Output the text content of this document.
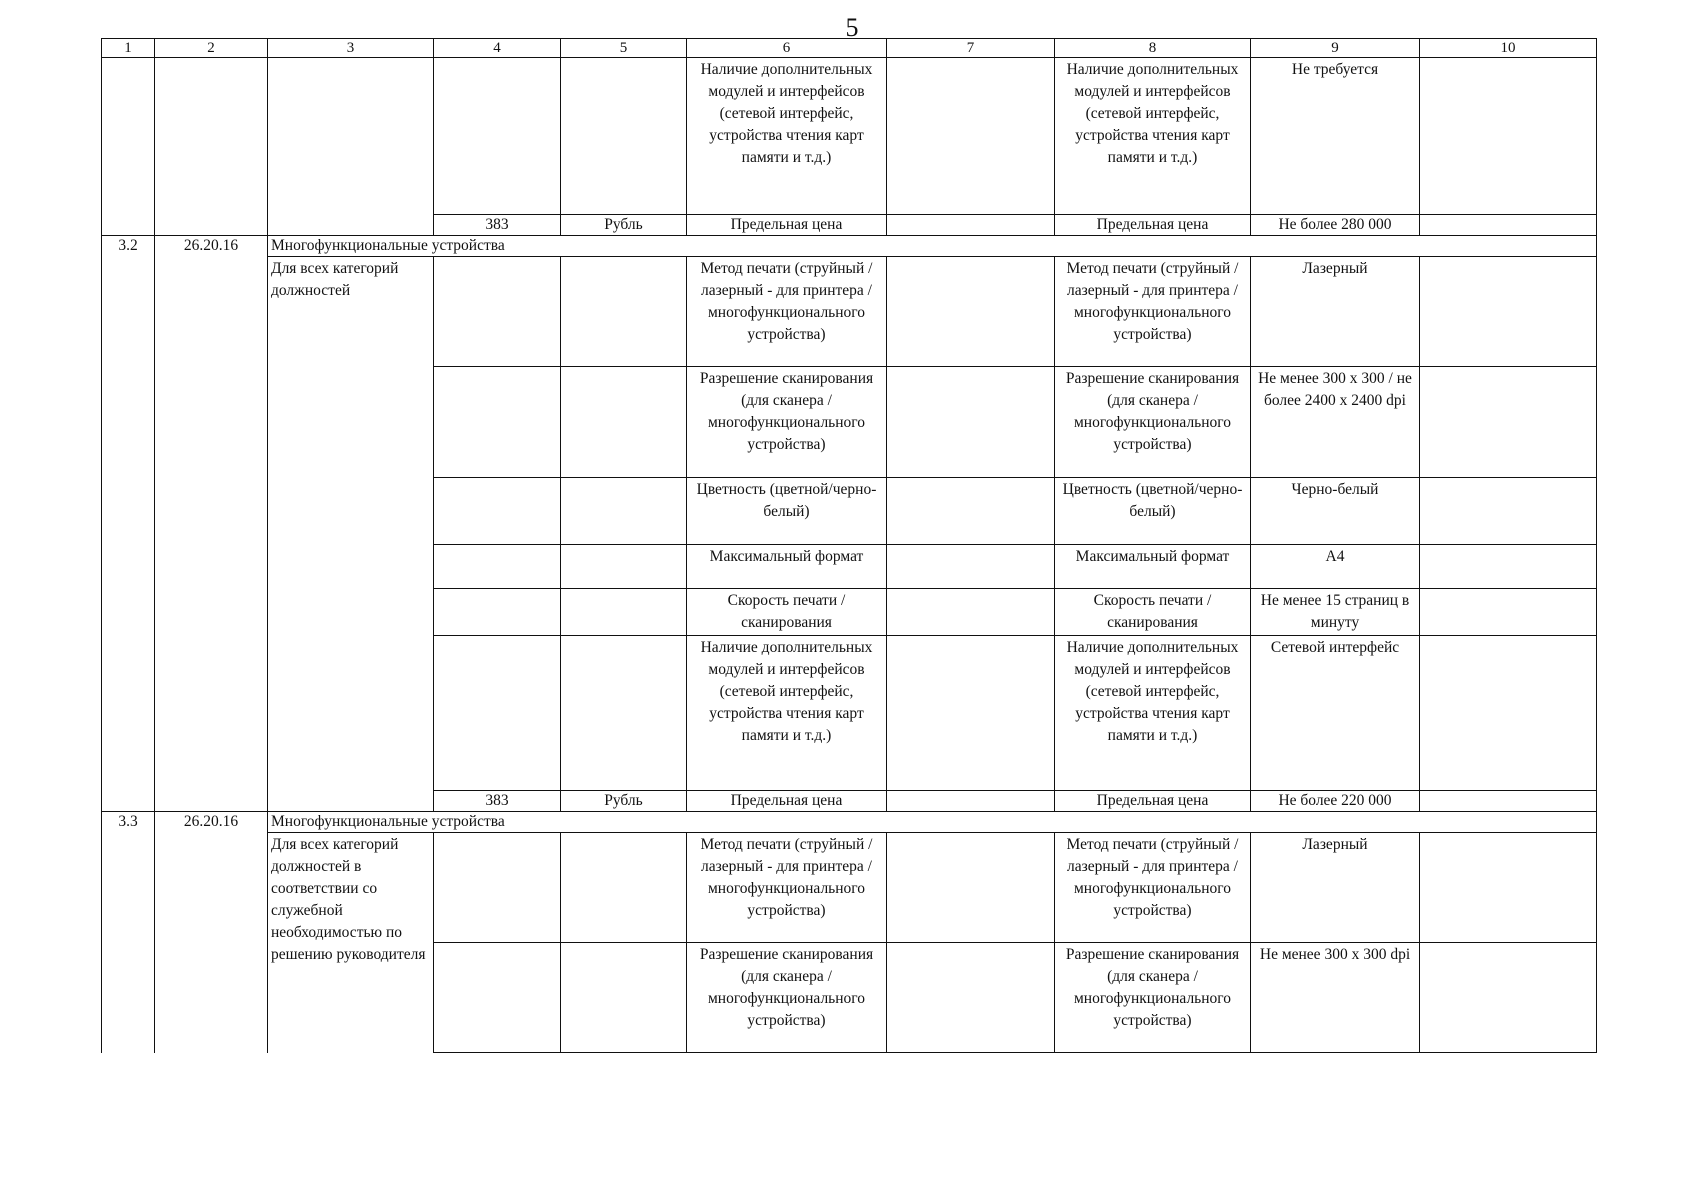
5
1	2	3	4	5	6	7	8	9	10
					Наличие дополнительных модулей и интерфейсов (сетевой интерфейс, устройства чтения карт памяти и т.д.)		Наличие дополнительных модулей и интерфейсов (сетевой интерфейс, устройства чтения карт памяти и т.д.)	Не требуется	
			383	Рубль	Предельная цена		Предельная цена	Не более 280 000	
3.2	26.20.16	Многофункциональные устройства							
		Для всех категорий должностей			Метод печати (струйный / лазерный - для принтера / многофункционального устройства)		Метод печати (струйный / лазерный - для принтера / многофункционального устройства)	Лазерный	
					Разрешение сканирования (для сканера / многофункционального устройства)		Разрешение сканирования (для сканера / многофункционального устройства)	Не менее 300 x 300 / не более 2400 x 2400 dpi	
					Цветность (цветной/черно-белый)		Цветность (цветной/черно-белый)	Черно-белый	
					Максимальный формат		Максимальный формат	А4	
					Скорость печати / сканирования		Скорость печати / сканирования	Не менее 15 страниц в минуту	
					Наличие дополнительных модулей и интерфейсов (сетевой интерфейс, устройства чтения карт памяти и т.д.)		Наличие дополнительных модулей и интерфейсов (сетевой интерфейс, устройства чтения карт памяти и т.д.)	Сетевой интерфейс	
			383	Рубль	Предельная цена		Предельная цена	Не более 220 000	
3.3	26.20.16	Многофункциональные устройства							
		Для всех категорий должностей в соответствии со служебной необходимостью по решению руководителя			Метод печати (струйный / лазерный - для принтера / многофункционального устройства)		Метод печати (струйный / лазерный - для принтера / многофункционального устройства)	Лазерный	
					Разрешение сканирования (для сканера / многофункционального устройства)		Разрешение сканирования (для сканера / многофункционального устройства)	Не менее 300 x 300 dpi	
